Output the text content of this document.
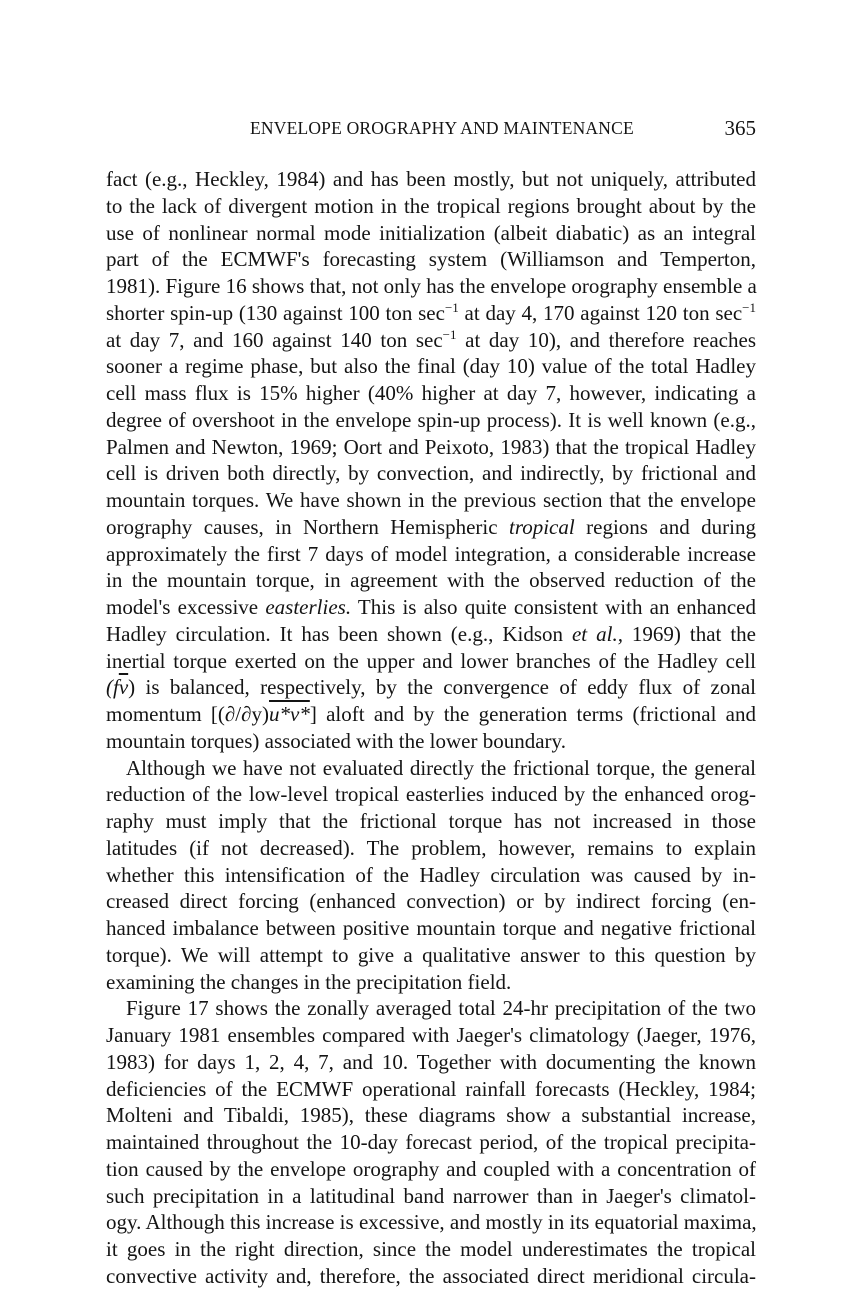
ENVELOPE OROGRAPHY AND MAINTENANCE	365
fact (e.g., Heckley, 1984) and has been mostly, but not uniquely, attributed
to the lack of divergent motion in the tropical regions brought about by the
use of nonlinear normal mode initialization (albeit diabatic) as an integral
part of the ECMWF's forecasting system (Williamson and Temperton,
1981). Figure 16 shows that, not only has the envelope orography ensemble a
shorter spin-up (130 against 100 ton $\sec^{-1}$ at day 4, 170 against 120 ton $\sec^{-1}$
at day 7, and 160 against 140 ton $\sec^{-1}$ at day 10), and therefore reaches
sooner a regime phase, but also the final (day 10) value of the total Hadley
cell mass flux is 15% higher (40% higher at day 7, however, indicating a
degree of overshoot in the envelope spin-up process). It is well known (e.g.,
Palmen and Newton, 1969; Oort and Peixoto, 1983) that the tropical Hadley
cell is driven both directly, by convection, and indirectly, by frictional and
mountain torques. We have shown in the previous section that the envelope
orography causes, in Northern Hemispheric tropical regions and during
approximately the first 7 days of model integration, a considerable increase
in the mountain torque, in agreement with the observed reduction of the
model's excessive easterlies. This is also quite consistent with an enhanced
Hadley circulation. It has been shown (e.g., Kidson et al., 1969) that the
inertial torque exerted on the upper and lower branches of the Hadley cell
$(f\overline{v})$ is balanced, respectively, by the convergence of eddy flux of zonal
momentum [(∂/∂y)u*v*] aloft and by the generation terms (frictional and
mountain torques) associated with the lower boundary.
Although we have not evaluated directly the frictional torque, the general
reduction of the low-level tropical easterlies induced by the enhanced orog-
raphy must imply that the frictional torque has not increased in those
latitudes (if not decreased). The problem, however, remains to explain
whether this intensification of the Hadley circulation was caused by in-
creased direct forcing (enhanced convection) or by indirect forcing (en-
hanced imbalance between positive mountain torque and negative frictional
torque). We will attempt to give a qualitative answer to this question by
examining the changes in the precipitation field.
Figure 17 shows the zonally averaged total 24-hr precipitation of the two
January 1981 ensembles compared with Jaeger's climatology (Jaeger, 1976,
1983) for days 1, 2, 4, 7, and 10. Together with documenting the known
deficiencies of the ECMWF operational rainfall forecasts (Heckley, 1984;
Molteni and Tibaldi, 1985), these diagrams show a substantial increase,
maintained throughout the 10-day forecast period, of the tropical precipita-
tion caused by the envelope orography and coupled with a concentration of
such precipitation in a latitudinal band narrower than in Jaeger's climatol-
ogy. Although this increase is excessive, and mostly in its equatorial maxima,
it goes in the right direction, since the model underestimates the tropical
convective activity and, therefore, the associated direct meridional circula-
